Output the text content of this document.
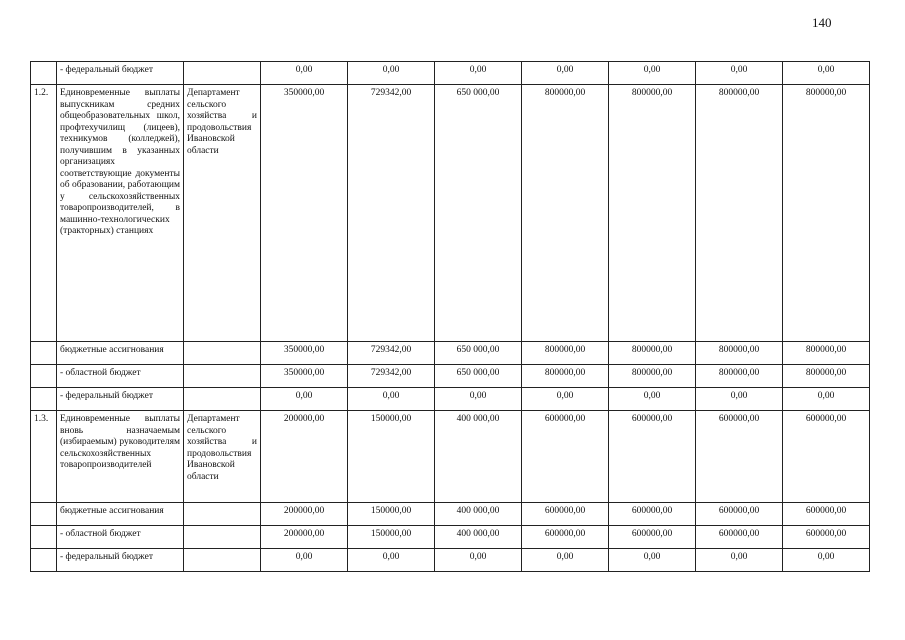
140
	- федеральный бюджет		0,00	0,00	0,00	0,00	0,00	0,00	0,00
1.2.	Единовременные выплаты выпускникам средних общеобразовательных школ, профтехучилищ (лицеев), техникумов (колледжей), получившим в указанных организациях соответствующие документы об образовании, работающим у сельскохозяйственных товаропроизводителей, в машинно-технологических (тракторных) станциях	Департамент сельского хозяйства и продовольствия Ивановской области	350000,00	729342,00	650 000,00	800000,00	800000,00	800000,00	800000,00
	бюджетные ассигнования		350000,00	729342,00	650 000,00	800000,00	800000,00	800000,00	800000,00
	- областной бюджет		350000,00	729342,00	650 000,00	800000,00	800000,00	800000,00	800000,00
	- федеральный бюджет		0,00	0,00	0,00	0,00	0,00	0,00	0,00
1.3.	Единовременные выплаты вновь назначаемым (избираемым) руководителям сельскохозяйственных товаропроизводителей	Департамент сельского хозяйства и продовольствия Ивановской области	200000,00	150000,00	400 000,00	600000,00	600000,00	600000,00	600000,00
	бюджетные ассигнования		200000,00	150000,00	400 000,00	600000,00	600000,00	600000,00	600000,00
	- областной бюджет		200000,00	150000,00	400 000,00	600000,00	600000,00	600000,00	600000,00
	- федеральный бюджет		0,00	0,00	0,00	0,00	0,00	0,00	0,00
